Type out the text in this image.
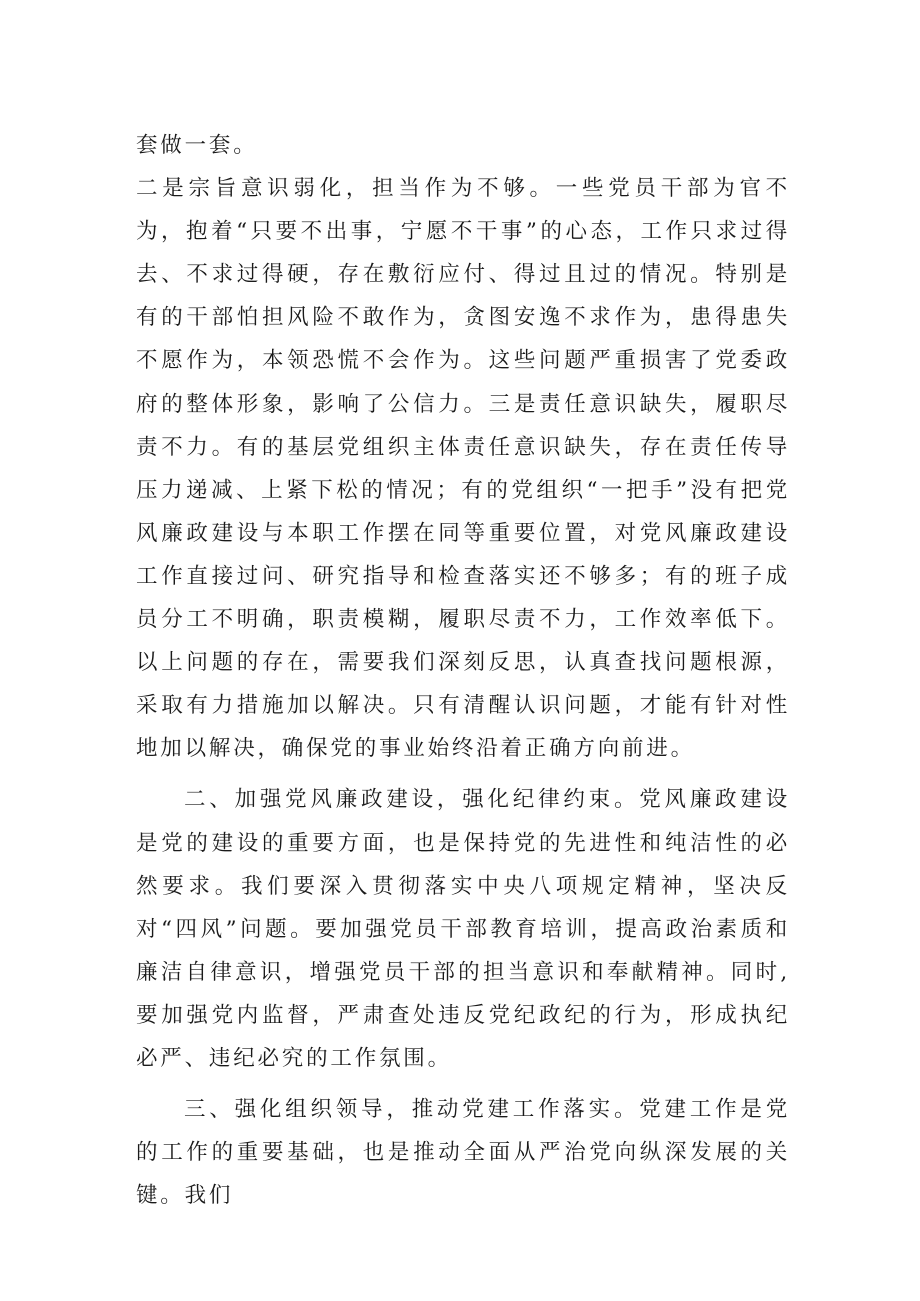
套做一套。

二是宗旨意识弱化，担当作为不够。一些党员干部为官不为，抱着“只要不出事，宁愿不干事”的心态，工作只求过得去、不求过得硬，存在敷衍应付、得过且过的情况。特别是有的干部怕担风险不敢作为，贪图安逸不求作为，患得患失不愿作为，本领恐慌不会作为。这些问题严重损害了党委政府的整体形象，影响了公信力。三是责任意识缺失，履职尽责不力。有的基层党组织主体责任意识缺失，存在责任传导压力递减、上紧下松的情况；有的党组织“一把手”没有把党风廉政建设与本职工作摆在同等重要位置，对党风廉政建设工作直接过问、研究指导和检查落实还不够多；有的班子成员分工不明确，职责模糊，履职尽责不力，工作效率低下。以上问题的存在，需要我们深刻反思，认真查找问题根源，采取有力措施加以解决。只有清醒认识问题，才能有针对性地加以解决，确保党的事业始终沿着正确方向前进。

二、加强党风廉政建设，强化纪律约束。党风廉政建设是党的建设的重要方面，也是保持党的先进性和纯洁性的必然要求。我们要深入贯彻落实中央八项规定精神，坚决反对“四风”问题。要加强党员干部教育培训，提高政治素质和廉洁自律意识，增强党员干部的担当意识和奉献精神。同时,要加强党内监督，严肃查处违反党纪政纪的行为，形成执纪必严、违纪必究的工作氛围。

三、强化组织领导，推动党建工作落实。党建工作是党的工作的重要基础，也是推动全面从严治党向纵深发展的关键。我们
